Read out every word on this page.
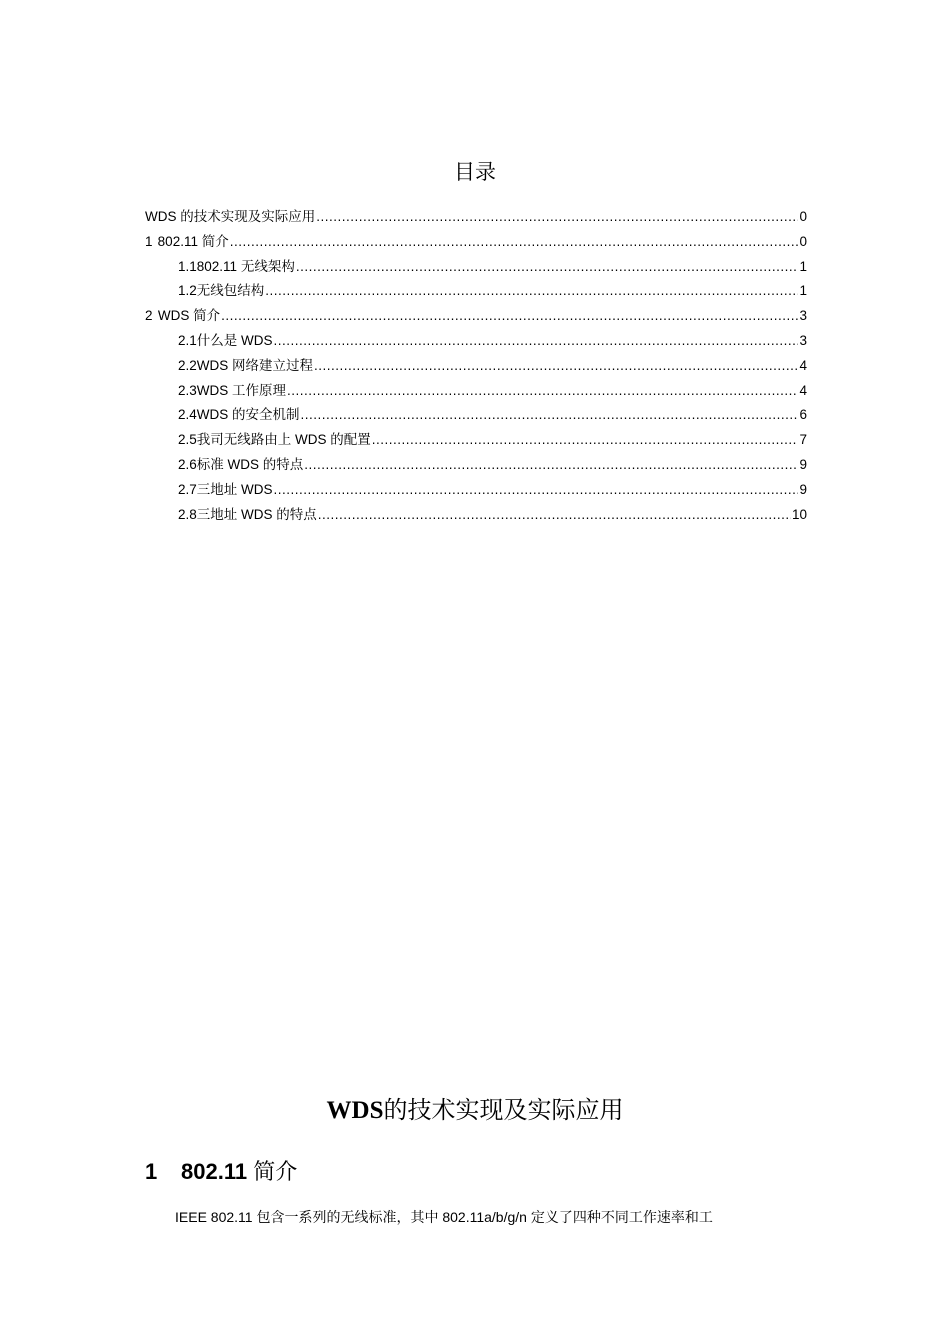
目录
WDS 的技术实现及实际应用 .....	0
1 802.11 简介 .....	0
1.1 802.11 无线架构 .....	1
1.2 无线包结构 .....	1
2 WDS 简介 .....	3
2.1 什么是 WDS .....	3
2.2 WDS 网络建立过程 .....	4
2.3 WDS 工作原理 .....	4
2.4 WDS 的安全机制 .....	6
2.5 我司无线路由上 WDS 的配置 .....	7
2.6 标准 WDS 的特点 .....	9
2.7 三地址 WDS .....	9
2.8 三地址 WDS 的特点 .....	10
WDS的技术实现及实际应用
1 802.11 简介
IEEE 802.11 包含一系列的无线标准，其中 802.11a/b/g/n 定义了四种不同工作速率和工
